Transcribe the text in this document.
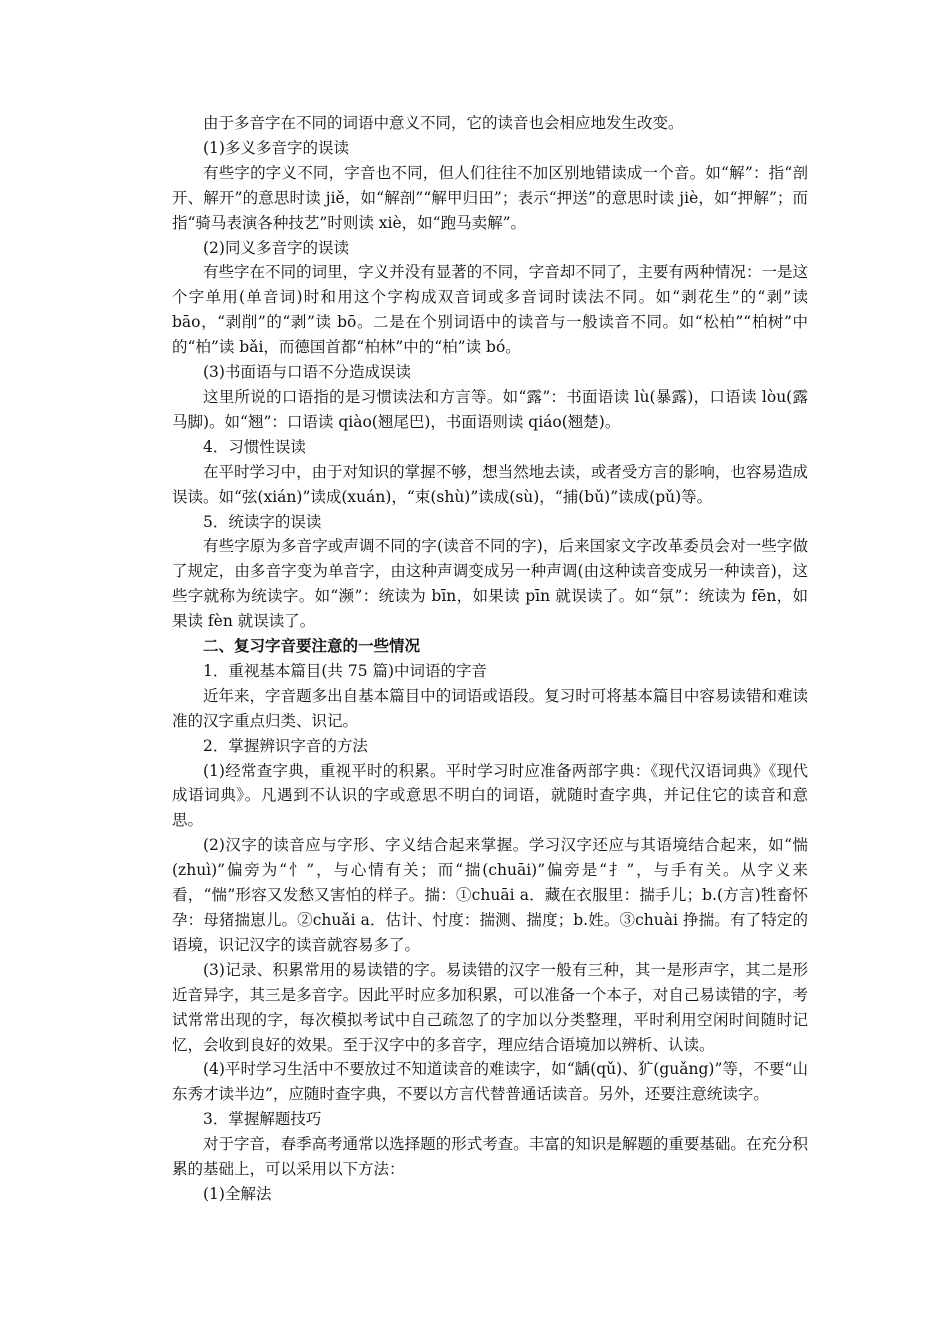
由于多音字在不同的词语中意义不同，它的读音也会相应地发生改变。

(1)多义多音字的误读

有些字的字义不同，字音也不同，但人们往往不加区别地错读成一个音。如“解”：指“剖开、解开”的意思时读 jiě，如“解剖”“解甲归田”；表示“押送”的意思时读 jiè，如“押解”；而指“骑马表演各种技艺”时则读 xiè，如“跑马卖解”。

(2)同义多音字的误读

有些字在不同的词里，字义并没有显著的不同，字音却不同了，主要有两种情况：一是这个字单用(单音词)时和用这个字构成双音词或多音词时读法不同。如“剥花生”的“剥”读 bāo，“剥削”的“剥”读 bō。二是在个别词语中的读音与一般读音不同。如“松柏”“柏树”中的“柏”读 bǎi，而德国首都“柏林”中的“柏”读 bó。

(3)书面语与口语不分造成误读

这里所说的口语指的是习惯读法和方言等。如“露”：书面语读 lù(暴露)，口语读 lòu(露马脚)。如“翘”：口语读 qiào(翘尾巴)，书面语则读 qiáo(翘楚)。

4．习惯性误读

在平时学习中，由于对知识的掌握不够，想当然地去读，或者受方言的影响，也容易造成误读。如“弦(xián)”读成(xuán)，“束(shù)”读成(sù)，“捕(bǔ)”读成(pǔ)等。

5．统读字的误读

有些字原为多音字或声调不同的字(读音不同的字)，后来国家文字改革委员会对一些字做了规定，由多音字变为单音字，由这种声调变成另一种声调(由这种读音变成另一种读音)，这些字就称为统读字。如“濒”：统读为 bīn，如果读 pīn 就误读了。如“氛”：统读为 fēn，如果读 fèn 就误读了。

二、复习字音要注意的一些情况

1．重视基本篇目(共 75 篇)中词语的字音

近年来，字音题多出自基本篇目中的词语或语段。复习时可将基本篇目中容易读错和难读准的汉字重点归类、识记。

2．掌握辨识字音的方法

(1)经常查字典，重视平时的积累。平时学习时应准备两部字典：《现代汉语词典》《现代成语词典》。凡遇到不认识的字或意思不明白的词语，就随时查字典，并记住它的读音和意思。

(2)汉字的读音应与字形、字义结合起来掌握。学习汉字还应与其语境结合起来，如“惴(zhuì)”偏旁为“忄”，与心情有关；而“揣(chuāi)”偏旁是“扌”，与手有关。从字义来看，“惴”形容又发愁又害怕的样子。揣：①chuāi a．藏在衣服里：揣手儿；b.(方言)牲畜怀孕：母猪揣崽儿。②chuǎi a．估计、忖度：揣测、揣度；b.姓。③chuài 挣揣。有了特定的语境，识记汉字的读音就容易多了。

(3)记录、积累常用的易读错的字。易读错的汉字一般有三种，其一是形声字，其二是形近音异字，其三是多音字。因此平时应多加积累，可以准备一个本子，对自己易读错的字，考试常常出现的字，每次模拟考试中自己疏忽了的字加以分类整理，平时利用空闲时间随时记忆，会收到良好的效果。至于汉字中的多音字，理应结合语境加以辨析、认读。

(4)平时学习生活中不要放过不知道读音的难读字，如“龋(qǔ)、犷(guǎng)”等，不要“山东秀才读半边”，应随时查字典，不要以方言代替普通话读音。另外，还要注意统读字。

3．掌握解题技巧

对于字音，春季高考通常以选择题的形式考查。丰富的知识是解题的重要基础。在充分积累的基础上，可以采用以下方法：

(1)全解法
